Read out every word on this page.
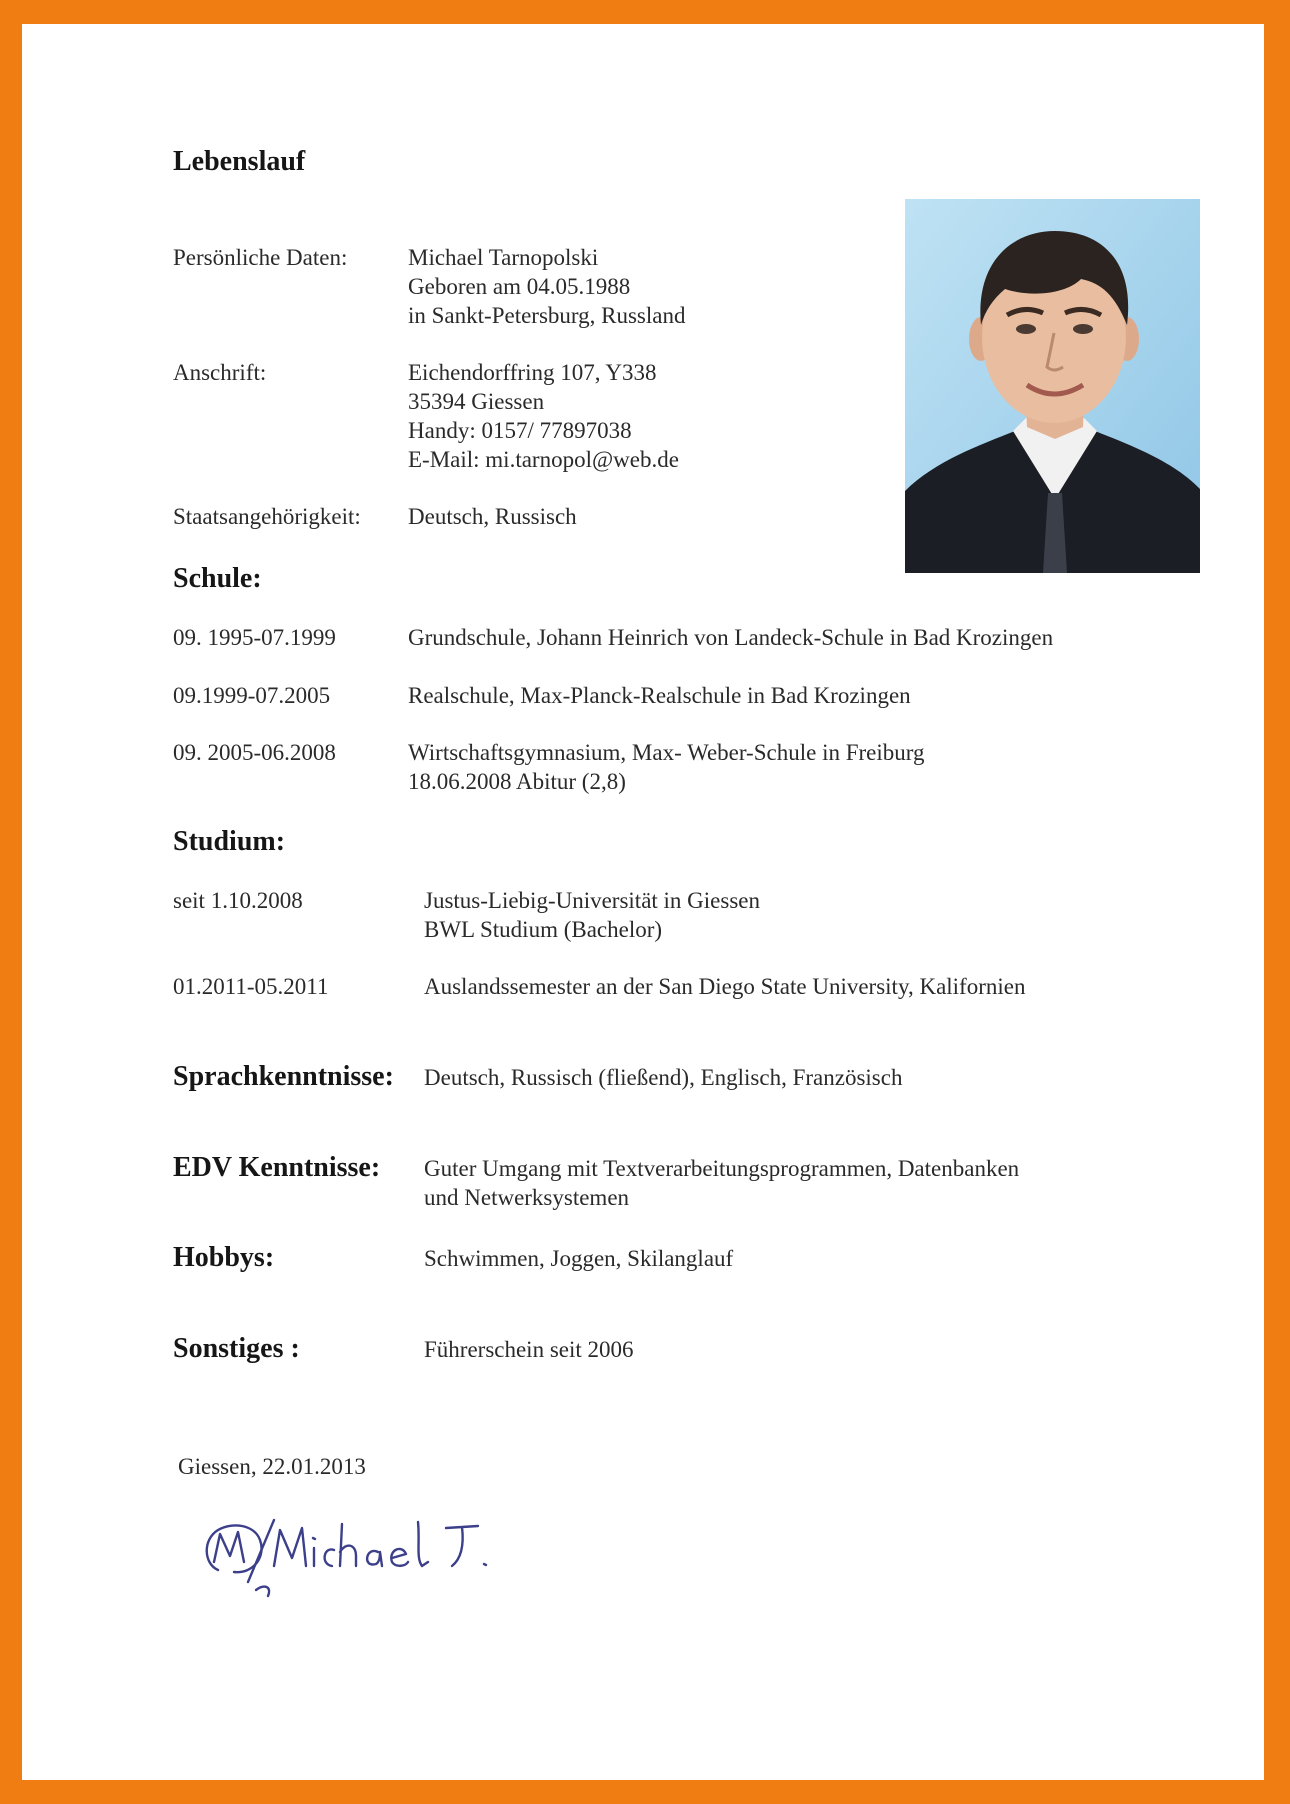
Lebenslauf
Persönliche Daten:	Michael Tarnopolski
Geboren am 04.05.1988
in Sankt-Petersburg, Russland
Anschrift:	Eichendorffring 107, Y338
35394 Giessen
Handy: 0157/ 77897038
E-Mail: mi.tarnopol@web.de
Staatsangehörigkeit: Deutsch, Russisch
Schule:
09. 1995-07.1999	Grundschule, Johann Heinrich von Landeck-Schule in Bad Krozingen
09.1999-07.2005	Realschule, Max-Planck-Realschule in Bad Krozingen
09. 2005-06.2008	Wirtschaftsgymnasium, Max- Weber-Schule in Freiburg
18.06.2008 Abitur (2,8)
Studium:
seit 1.10.2008	Justus-Liebig-Universität in Giessen
BWL Studium (Bachelor)
01.2011-05.2011	Auslandssemester an der San Diego State University, Kalifornien
Sprachkenntnisse: Deutsch, Russisch (fließend), Englisch, Französisch
EDV Kenntnisse: Guter Umgang mit Textverarbeitungsprogrammen, Datenbanken
und Netwerksystemen
Hobbys:	Schwimmen, Joggen, Skilanglauf
Sonstiges :	Führerschein seit 2006
Giessen, 22.01.2013
